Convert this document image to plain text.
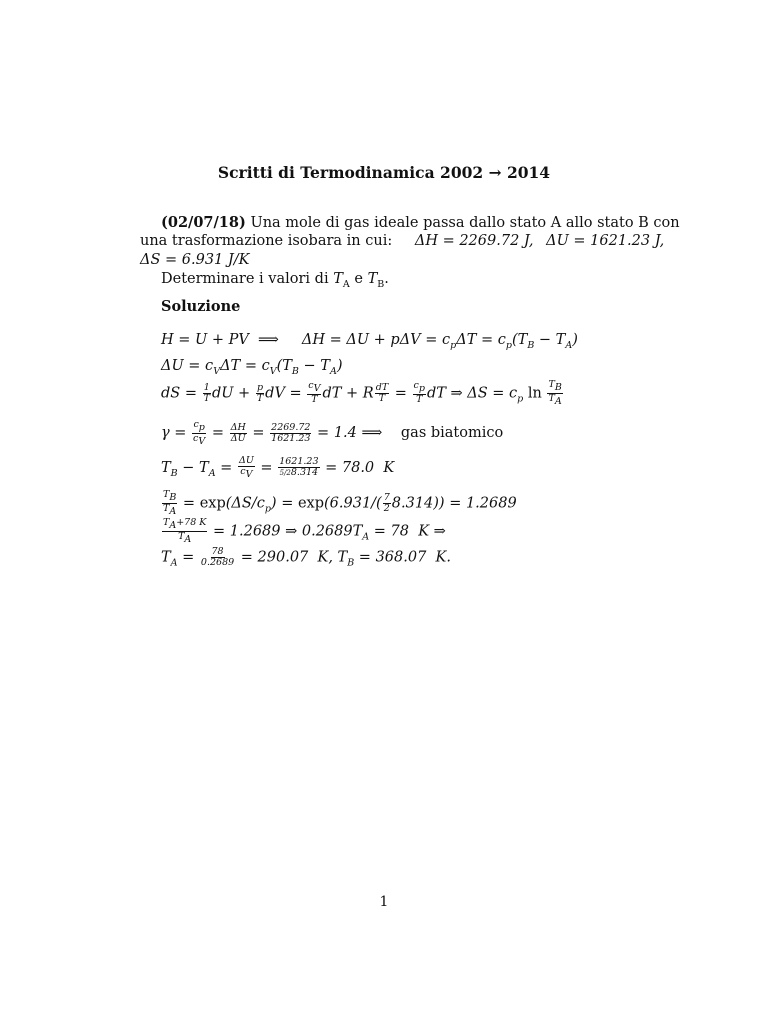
Scritti di Termodinamica 2002 → 2014
(02/07/18) Una mole di gas ideale passa dallo stato A allo stato B con
una trasformazione isobara in cui: ΔH = 2269.72 J, ΔU = 1621.23 J,
ΔS = 6.931 J/K
Determinare i valori di $T_A$ e $T_B$.
Soluzione
H = U + PV  ⟹     $\Delta H = \Delta U + p\Delta V = c_p\Delta T = c_p(T_B - T_A)$
$\Delta U = c_V\Delta T = c_V(T_B - T_A)$
dS = $\frac{1}{T}$ dU + $\frac{p}{T}$ dV = $\frac{c_V}{T}$ dT + R $\frac{dT}{T} = \frac{c_p}{T}$ dT ⇒ $\Delta S = c_p$ $\ln \frac{T_B}{T_A}$
$\gamma = \frac{c_p}{c_V} = \frac{\Delta H}{\Delta U} = \frac{2269.72}{1621.23} = 1.4$ ⟹ gas biatomico
$T_B - T_A = \frac{\Delta U}{c_V} = \frac{1621.23}{5/28.314} = 78.0$  K
$\frac{T_B}{T_A} = \exp(\Delta S/c_p) = \exp(6.931/( \frac{7}{2} 8.314)) = 1.2689$
$\frac{T_A+78 K}{T_A} = 1.2689$ ⇒ $0.2689T_A = 78$  K ⇒
$T_A = \frac{78}{0.2689} = 290.07$  K, $T_B = 368.07$  K.
1
